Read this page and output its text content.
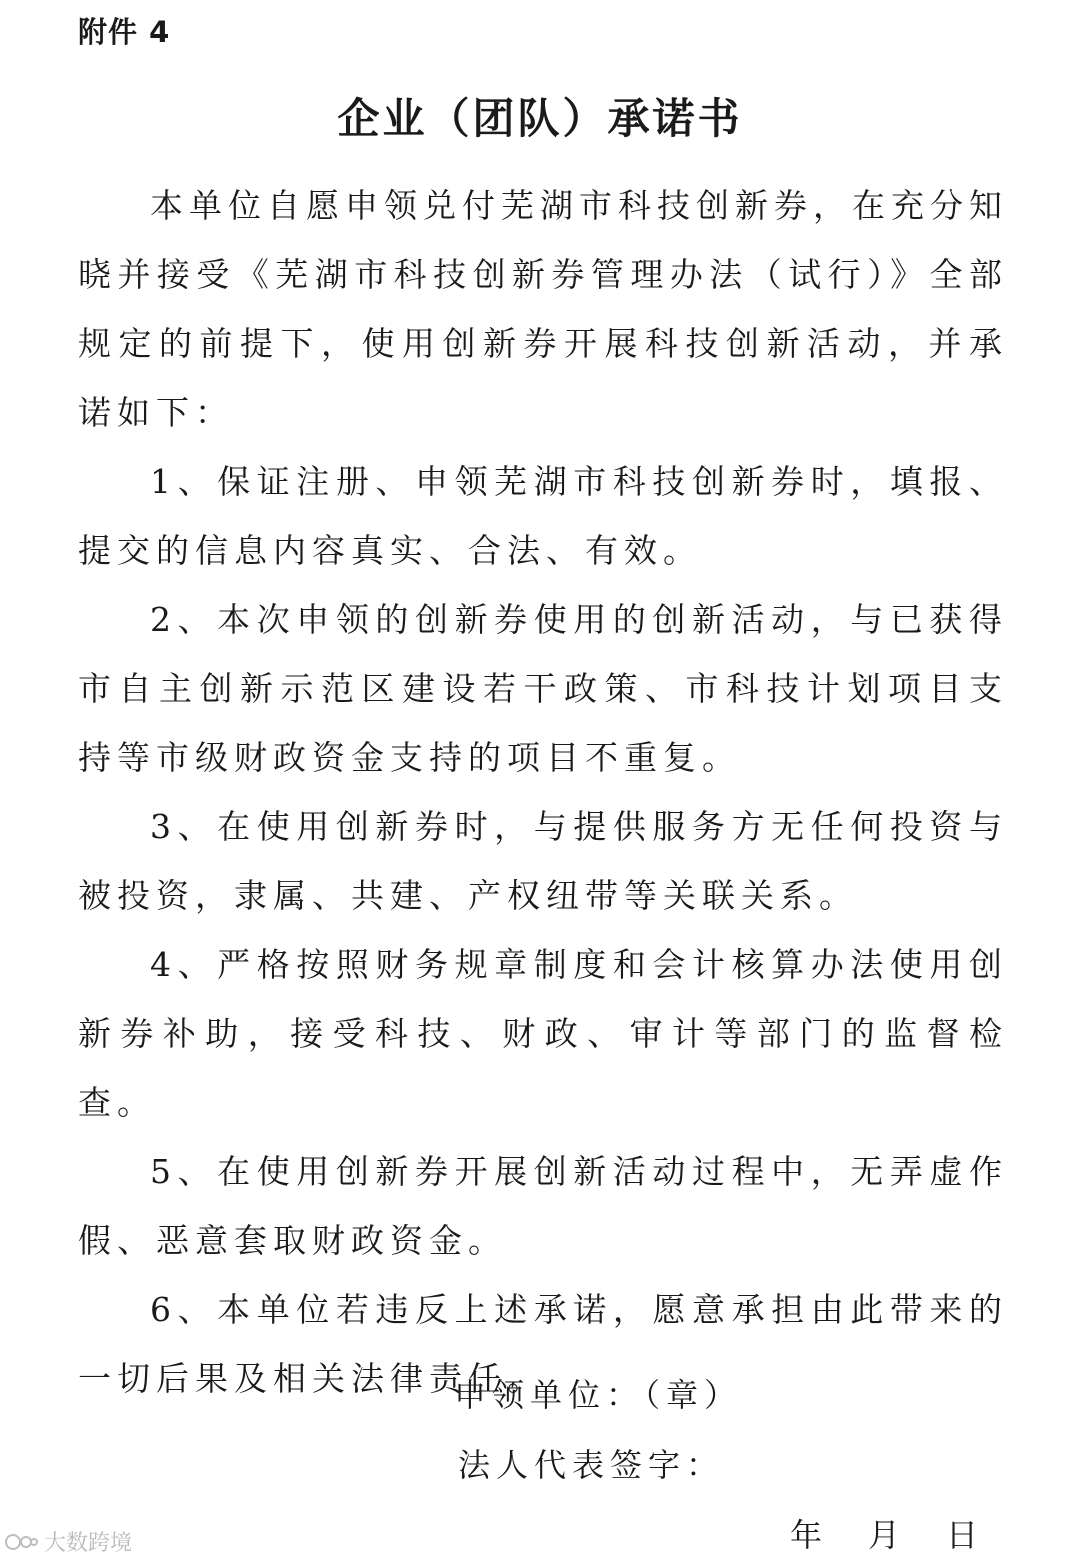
附件 4
企业（团队）承诺书

本单位自愿申领兑付芜湖市科技创新券，在充分知晓并接受《芜湖市科技创新券管理办法（试行）》全部规定的前提下，使用创新券开展科技创新活动，并承诺如下：

1、保证注册、申领芜湖市科技创新券时，填报、提交的信息内容真实、合法、有效。

2、本次申领的创新券使用的创新活动，与已获得市自主创新示范区建设若干政策、市科技计划项目支持等市级财政资金支持的项目不重复。

3、在使用创新券时，与提供服务方无任何投资与被投资，隶属、共建、产权纽带等关联关系。

4、严格按照财务规章制度和会计核算办法使用创新券补助，接受科技、财政、审计等部门的监督检查。

5、在使用创新券开展创新活动过程中，无弄虚作假、恶意套取财政资金。

6、本单位若违反上述承诺，愿意承担由此带来的一切后果及相关法律责任。

申领单位：（章）
法人代表签字：
年 月 日
大数跨境
